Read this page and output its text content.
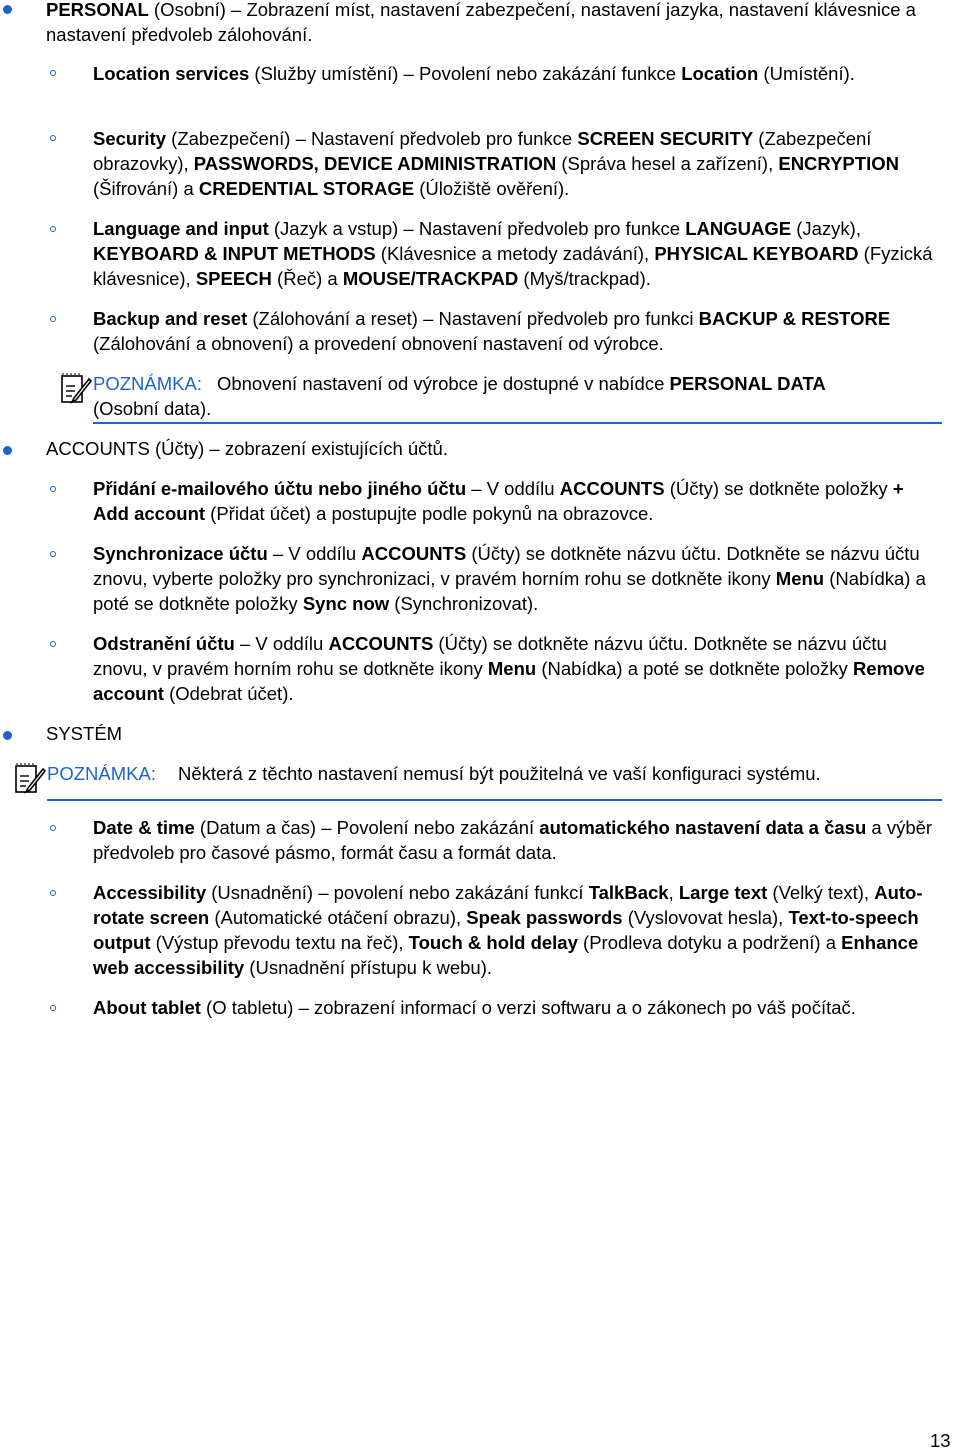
PERSONAL (Osobní) – Zobrazení míst, nastavení zabezpečení, nastavení jazyka, nastavení klávesnice a nastavení předvoleb zálohování.
Location services (Služby umístění) – Povolení nebo zakázání funkce Location (Umístění).
Security (Zabezpečení) – Nastavení předvoleb pro funkce SCREEN SECURITY (Zabezpečení obrazovky), PASSWORDS, DEVICE ADMINISTRATION (Správa hesel a zařízení), ENCRYPTION (Šifrování) a CREDENTIAL STORAGE (Úložiště ověření).
Language and input (Jazyk a vstup) – Nastavení předvoleb pro funkce LANGUAGE (Jazyk), KEYBOARD & INPUT METHODS (Klávesnice a metody zadávání), PHYSICAL KEYBOARD (Fyzická klávesnice), SPEECH (Řeč) a MOUSE/TRACKPAD (Myš/trackpad).
Backup and reset (Zálohování a reset) – Nastavení předvoleb pro funkci BACKUP & RESTORE (Zálohování a obnovení) a provedení obnovení nastavení od výrobce.
POZNÁMKA: Obnovení nastavení od výrobce je dostupné v nabídce PERSONAL DATA
(Osobní data).
ACCOUNTS (Účty) – zobrazení existujících účtů.
Přidání e-mailového účtu nebo jiného účtu – V oddílu ACCOUNTS (Účty) se dotkněte položky + Add account (Přidat účet) a postupujte podle pokynů na obrazovce.
Synchronizace účtu – V oddílu ACCOUNTS (Účty) se dotkněte názvu účtu. Dotkněte se názvu účtu znovu, vyberte položky pro synchronizaci, v pravém horním rohu se dotkněte ikony Menu (Nabídka) a poté se dotkněte položky Sync now (Synchronizovat).
Odstranění účtu – V oddílu ACCOUNTS (Účty) se dotkněte názvu účtu. Dotkněte se názvu účtu znovu, v pravém horním rohu se dotkněte ikony Menu (Nabídka) a poté se dotkněte položky Remove account (Odebrat účet).
SYSTÉM
POZNÁMKA: Některá z těchto nastavení nemusí být použitelná ve vaší konfiguraci systému.
Date & time (Datum a čas) – Povolení nebo zakázání automatického nastavení data a času a výběr předvoleb pro časové pásmo, formát času a formát data.
Accessibility (Usnadnění) – povolení nebo zakázání funkcí TalkBack, Large text (Velký text), Auto-rotate screen (Automatické otáčení obrazu), Speak passwords (Vyslovovat hesla), Text-to-speech output (Výstup převodu textu na řeč), Touch & hold delay (Prodleva dotyku a podržení) a Enhance web accessibility (Usnadnění přístupu k webu).
About tablet (O tabletu) – zobrazení informací o verzi softwaru a o zákonech po váš počítač.
13
